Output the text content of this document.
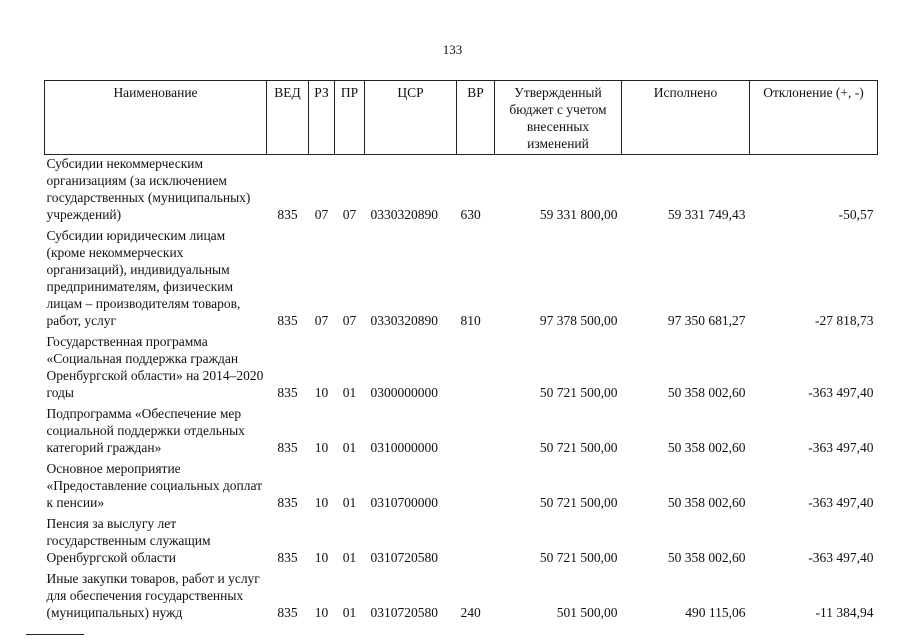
133
Наименование	ВЕД	РЗ	ПР	ЦСР	ВР	Утвержденный бюджет с учетом внесенных изменений	Исполнено	Отклонение (+, -)
Субсидии некоммерческим организациям (за исключением государственных (муниципальных) учреждений)	835	07	07	0330320890	630	59 331 800,00	59 331 749,43	-50,57
Субсидии юридическим лицам (кроме некоммерческих организаций), индивидуальным предпринимателям, физическим лицам – производителям товаров, работ, услуг	835	07	07	0330320890	810	97 378 500,00	97 350 681,27	-27 818,73
Государственная программа «Социальная поддержка граждан Оренбургской области» на 2014–2020 годы	835	10	01	0300000000		50 721 500,00	50 358 002,60	-363 497,40
Подпрограмма «Обеспечение мер социальной поддержки отдельных категорий граждан»	835	10	01	0310000000		50 721 500,00	50 358 002,60	-363 497,40
Основное мероприятие «Предоставление социальных доплат к пенсии»	835	10	01	0310700000		50 721 500,00	50 358 002,60	-363 497,40
Пенсия за выслугу лет государственным служащим Оренбургской области	835	10	01	0310720580		50 721 500,00	50 358 002,60	-363 497,40
Иные закупки товаров, работ и услуг для обеспечения государственных (муниципальных) нужд	835	10	01	0310720580	240	501 500,00	490 115,06	-11 384,94
